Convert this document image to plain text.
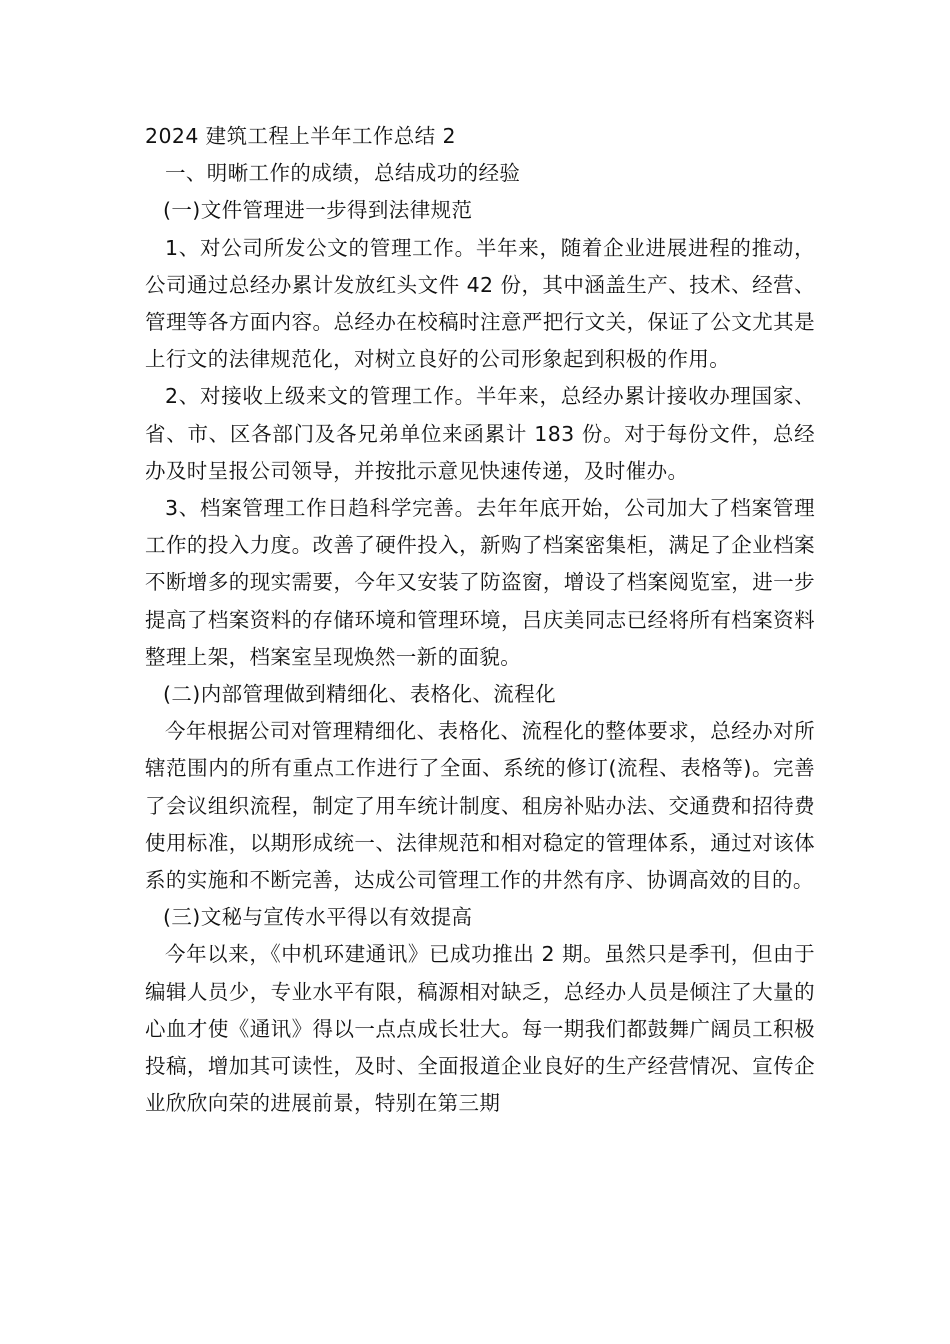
2024 建筑工程上半年工作总结 2

一、明晰工作的成绩，总结成功的经验

(一)文件管理进一步得到法律规范

1、对公司所发公文的管理工作。半年来，随着企业进展进程的推动，公司通过总经办累计发放红头文件 42 份，其中涵盖生产、技术、经营、管理等各方面内容。总经办在校稿时注意严把行文关，保证了公文尤其是上行文的法律规范化，对树立良好的公司形象起到积极的作用。

2、对接收上级来文的管理工作。半年来，总经办累计接收办理国家、省、市、区各部门及各兄弟单位来函累计 183 份。对于每份文件，总经办及时呈报公司领导，并按批示意见快速传递，及时催办。

3、档案管理工作日趋科学完善。去年年底开始，公司加大了档案管理工作的投入力度。改善了硬件投入，新购了档案密集柜，满足了企业档案不断增多的现实需要，今年又安装了防盗窗，增设了档案阅览室，进一步提高了档案资料的存储环境和管理环境，吕庆美同志已经将所有档案资料整理上架，档案室呈现焕然一新的面貌。

(二)内部管理做到精细化、表格化、流程化

今年根据公司对管理精细化、表格化、流程化的整体要求，总经办对所辖范围内的所有重点工作进行了全面、系统的修订(流程、表格等)。完善了会议组织流程，制定了用车统计制度、租房补贴办法、交通费和招待费使用标准，以期形成统一、法律规范和相对稳定的管理体系，通过对该体系的实施和不断完善，达成公司管理工作的井然有序、协调高效的目的。

(三)文秘与宣传水平得以有效提高

今年以来，《中机环建通讯》已成功推出 2 期。虽然只是季刊，但由于编辑人员少，专业水平有限，稿源相对缺乏，总经办人员是倾注了大量的心血才使《通讯》得以一点点成长壮大。每一期我们都鼓舞广阔员工积极投稿，增加其可读性，及时、全面报道企业良好的生产经营情况、宣传企业欣欣向荣的进展前景，特别在第三期
